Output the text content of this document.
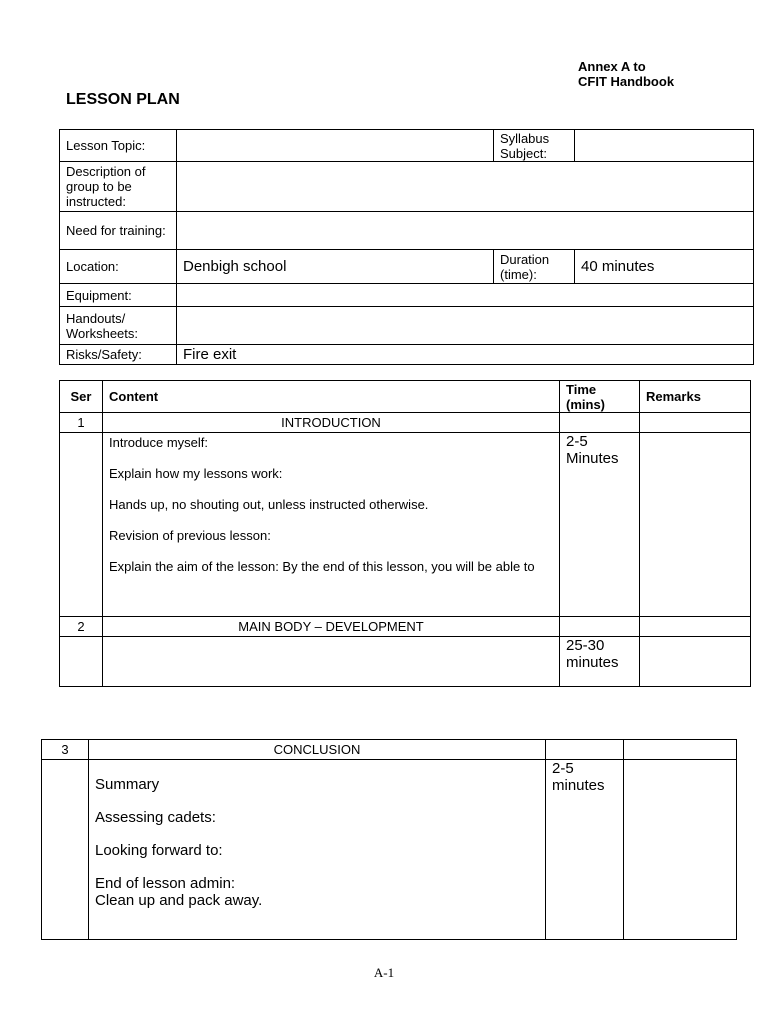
Annex A to
CFIT Handbook
LESSON PLAN
Lesson Topic:		Syllabus Subject:	
Description of group to be instructed:			
Need for training:			
Location:	Denbigh school	Duration (time):	40 minutes
Equipment:			
Handouts/ Worksheets:			
Risks/Safety:	Fire exit		
Ser	Content	Time (mins)	Remarks
1	INTRODUCTION		

	Introduce myself:

Explain how my lessons work:

Hands up, no shouting out, unless instructed otherwise.

Revision of previous lesson:

Explain the aim of the lesson: By the end of this lesson, you will be able to	2-5 Minutes	
2	MAIN BODY – DEVELOPMENT		
		25-30 minutes	
3	CONCLUSION		

	Summary

Assessing cadets:

Looking forward to:

End of lesson admin:
Clean up and pack away.	2-5 minutes	
A-1
